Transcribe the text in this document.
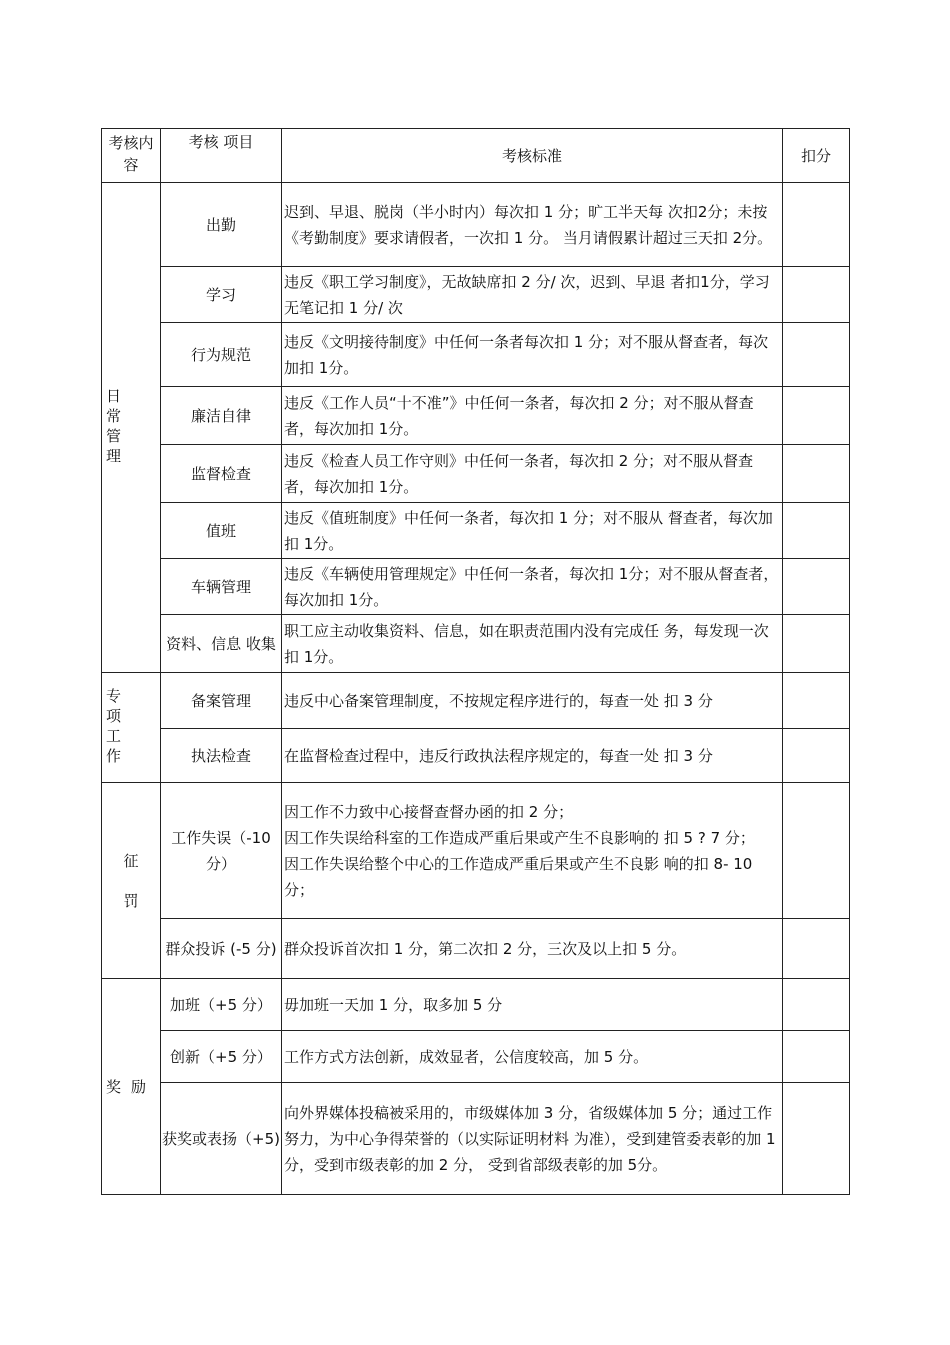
考核内容	考核 项目	考核标准	扣分
日常管理	出勤	迟到、早退、脱岗（半小时内）每次扣 1 分；旷工半天每 次扣2分；未按《考勤制度》要求请假者，一次扣 1 分。 当月请假累计超过三天扣 2分。	
	学习	违反《职工学习制度》，无故缺席扣 2 分/ 次，迟到、早退 者扣1分，学习无笔记扣 1 分/ 次	
	行为规范	违反《文明接待制度》中任何一条者每次扣 1 分；对不服从督查者，每次加扣 1分。	
	廉洁自律	违反《工作人员“十不准”》中任何一条者，每次扣 2 分；对不服从督查者，每次加扣 1分。	
	监督检查	违反《检查人员工作守则》中任何一条者，每次扣 2 分；对不服从督查者，每次加扣 1分。	
	值班	违反《值班制度》中任何一条者，每次扣 1 分；对不服从 督查者，每次加扣 1分。	
	车辆管理	违反《车辆使用管理规定》中任何一条者，每次扣 1分；对不服从督查者，每次加扣 1分。	
	资料、信息 收集	职工应主动收集资料、信息，如在职责范围内没有完成任 务，每发现一次扣 1分。	
专项工作	备案管理	违反中心备案管理制度，不按规定程序进行的，每查一处 扣 3 分	
	执法检查	在监督检查过程中，违反行政执法程序规定的，每查一处 扣 3 分	
征罚	工作失误（-10 分）	因工作不力致中心接督查督办函的扣 2 分；
因工作失误给科室的工作造成严重后果或产生不良影响的 扣 5 ? 7 分；
因工作失误给整个中心的工作造成严重后果或产生不良影 响的扣 8- 10 分；	

	群众投诉 (-5 分)	群众投诉首次扣 1 分，第二次扣 2 分，三次及以上扣 5 分。	
奖励	加班（+5 分）	毋加班一天加 1 分，取多加 5 分	
	创新（+5 分）	工作方式方法创新，成效显者，公信度较高，加 5 分。	
	获奖或表扬（+5)	向外界媒体投稿被采用的，市级媒体加 3 分，省级媒体加 5 分；通过工作努力，为中心争得荣誉的（以实际证明材料 为准），受到建管委表彰的加 1 分，受到市级表彰的加 2 分， 受到省部级表彰的加 5分。	
